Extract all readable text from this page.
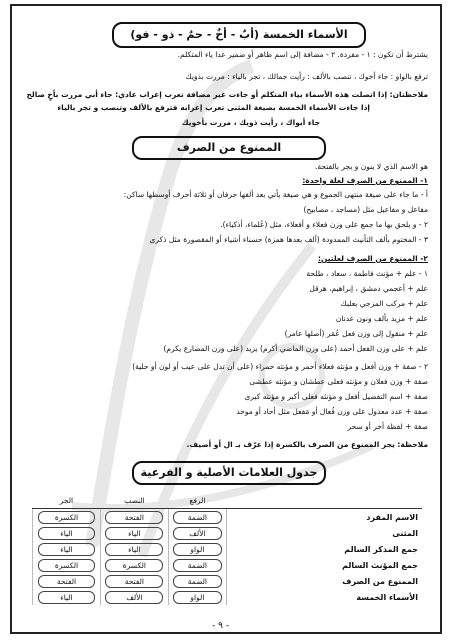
الأسماء الخمسة (أبٌ - أخٌ - حمٌ - ذو - فو)
يشترط أن تكون : ١ - مفردة. ٢ - مضافة إلى اسم ظاهر أو ضمير عدا ياء المتكلم.
ترفع بالواو : جاء أخوك ، تنصب بالألف : رأيت جمالك ، تجر بالياء : مررت بذويك
ملاحظتان: إذا اتصلت هذه الأسماء بياء المتكلم أو جاءت غير مضافة تعرب إعراب عادي: جاء أبي مررت بأخٍ صالح
إذا جاءت الأسماء الخمسة بصيغة المثنى تعرب إعرابه فترفع بالألف وتنصب و تجر بالياء
جاء أبواك ، رأيت ذويك ، مررت بأخويك
الممنوع من الصرف
هو الاسم الذي لا ينون و يجر بالفتحة.
١- الممنوع من الصرف لعلة واحدة:
أ - ما جاء على صيغة منتهى الجموع و هي صيغة يأتي بعد ألفها حرفان أو ثلاثة أحرف أوسطها ساكن:
مفاعل و مفاعيل مثل (مساجد ، مصابيح)
٢ - و يلحق بها ما جمع على وزن فعلاء و أفعلاء، مثل (عُلماء، أذكياء).
٣ - المختوم بألف التأنيث الممدودة (ألف بعدها همزة) حسناء أشياء أو المقصورة مثل ذكرى
٢- الممنوع من الصرف لعلتين:
١ - علم + مؤنث فاطمة ، سعاد ، طلحة
علم + أعجمي دمشق ، إبراهيم، هرقل
علم + مركب المزجي بعلبك
علم + مزيد بألف ونون عدنان
علم + منقول إلى وزن فعل عُمَر (أصلها عامر)
علم + على وزن الفعل أحمد (على وزن الماضي أكرم) يزيد (على وزن المضارع يكرم)
٢ - صفة + وزن أفعل و مؤنثه فعلاء أحمر و مؤنثه حمراء (على أن تدل على عيب أو لون أو حلية)
صفة + وزن فعلان و مؤنثه فعلى عطشان و مؤنثه عطشى
صفة + اسم التفضيل أفعل و مؤنثه فعلى أكبر و مؤنثه كبرى
صفة + عدد معدول على وزن فُعال أو مَفعل مثل أحاد أو موحد
صفة + لفظة أخر أو سحر
ملاحظة: يجر الممنوع من الصرف بالكسرة إذا عرّف بـ ال أو أضيف.
جدول العلامات الأصلية و الفرعية
	الرفع	النصب	الجر
الاسم المفرد	الضمة	الفتحة	الكسرة
المثنى	الألف	الياء	الياء
جمع المذكر السالم	الواو	الياء	الياء
جمع المؤنث السالم	الضمة	الكسرة	الكسرة
الممنوع من الصرف	الضمة	الفتحة	الفتحة
الأسماء الخمسة	الواو	الألف	الياء
- ٩ -
